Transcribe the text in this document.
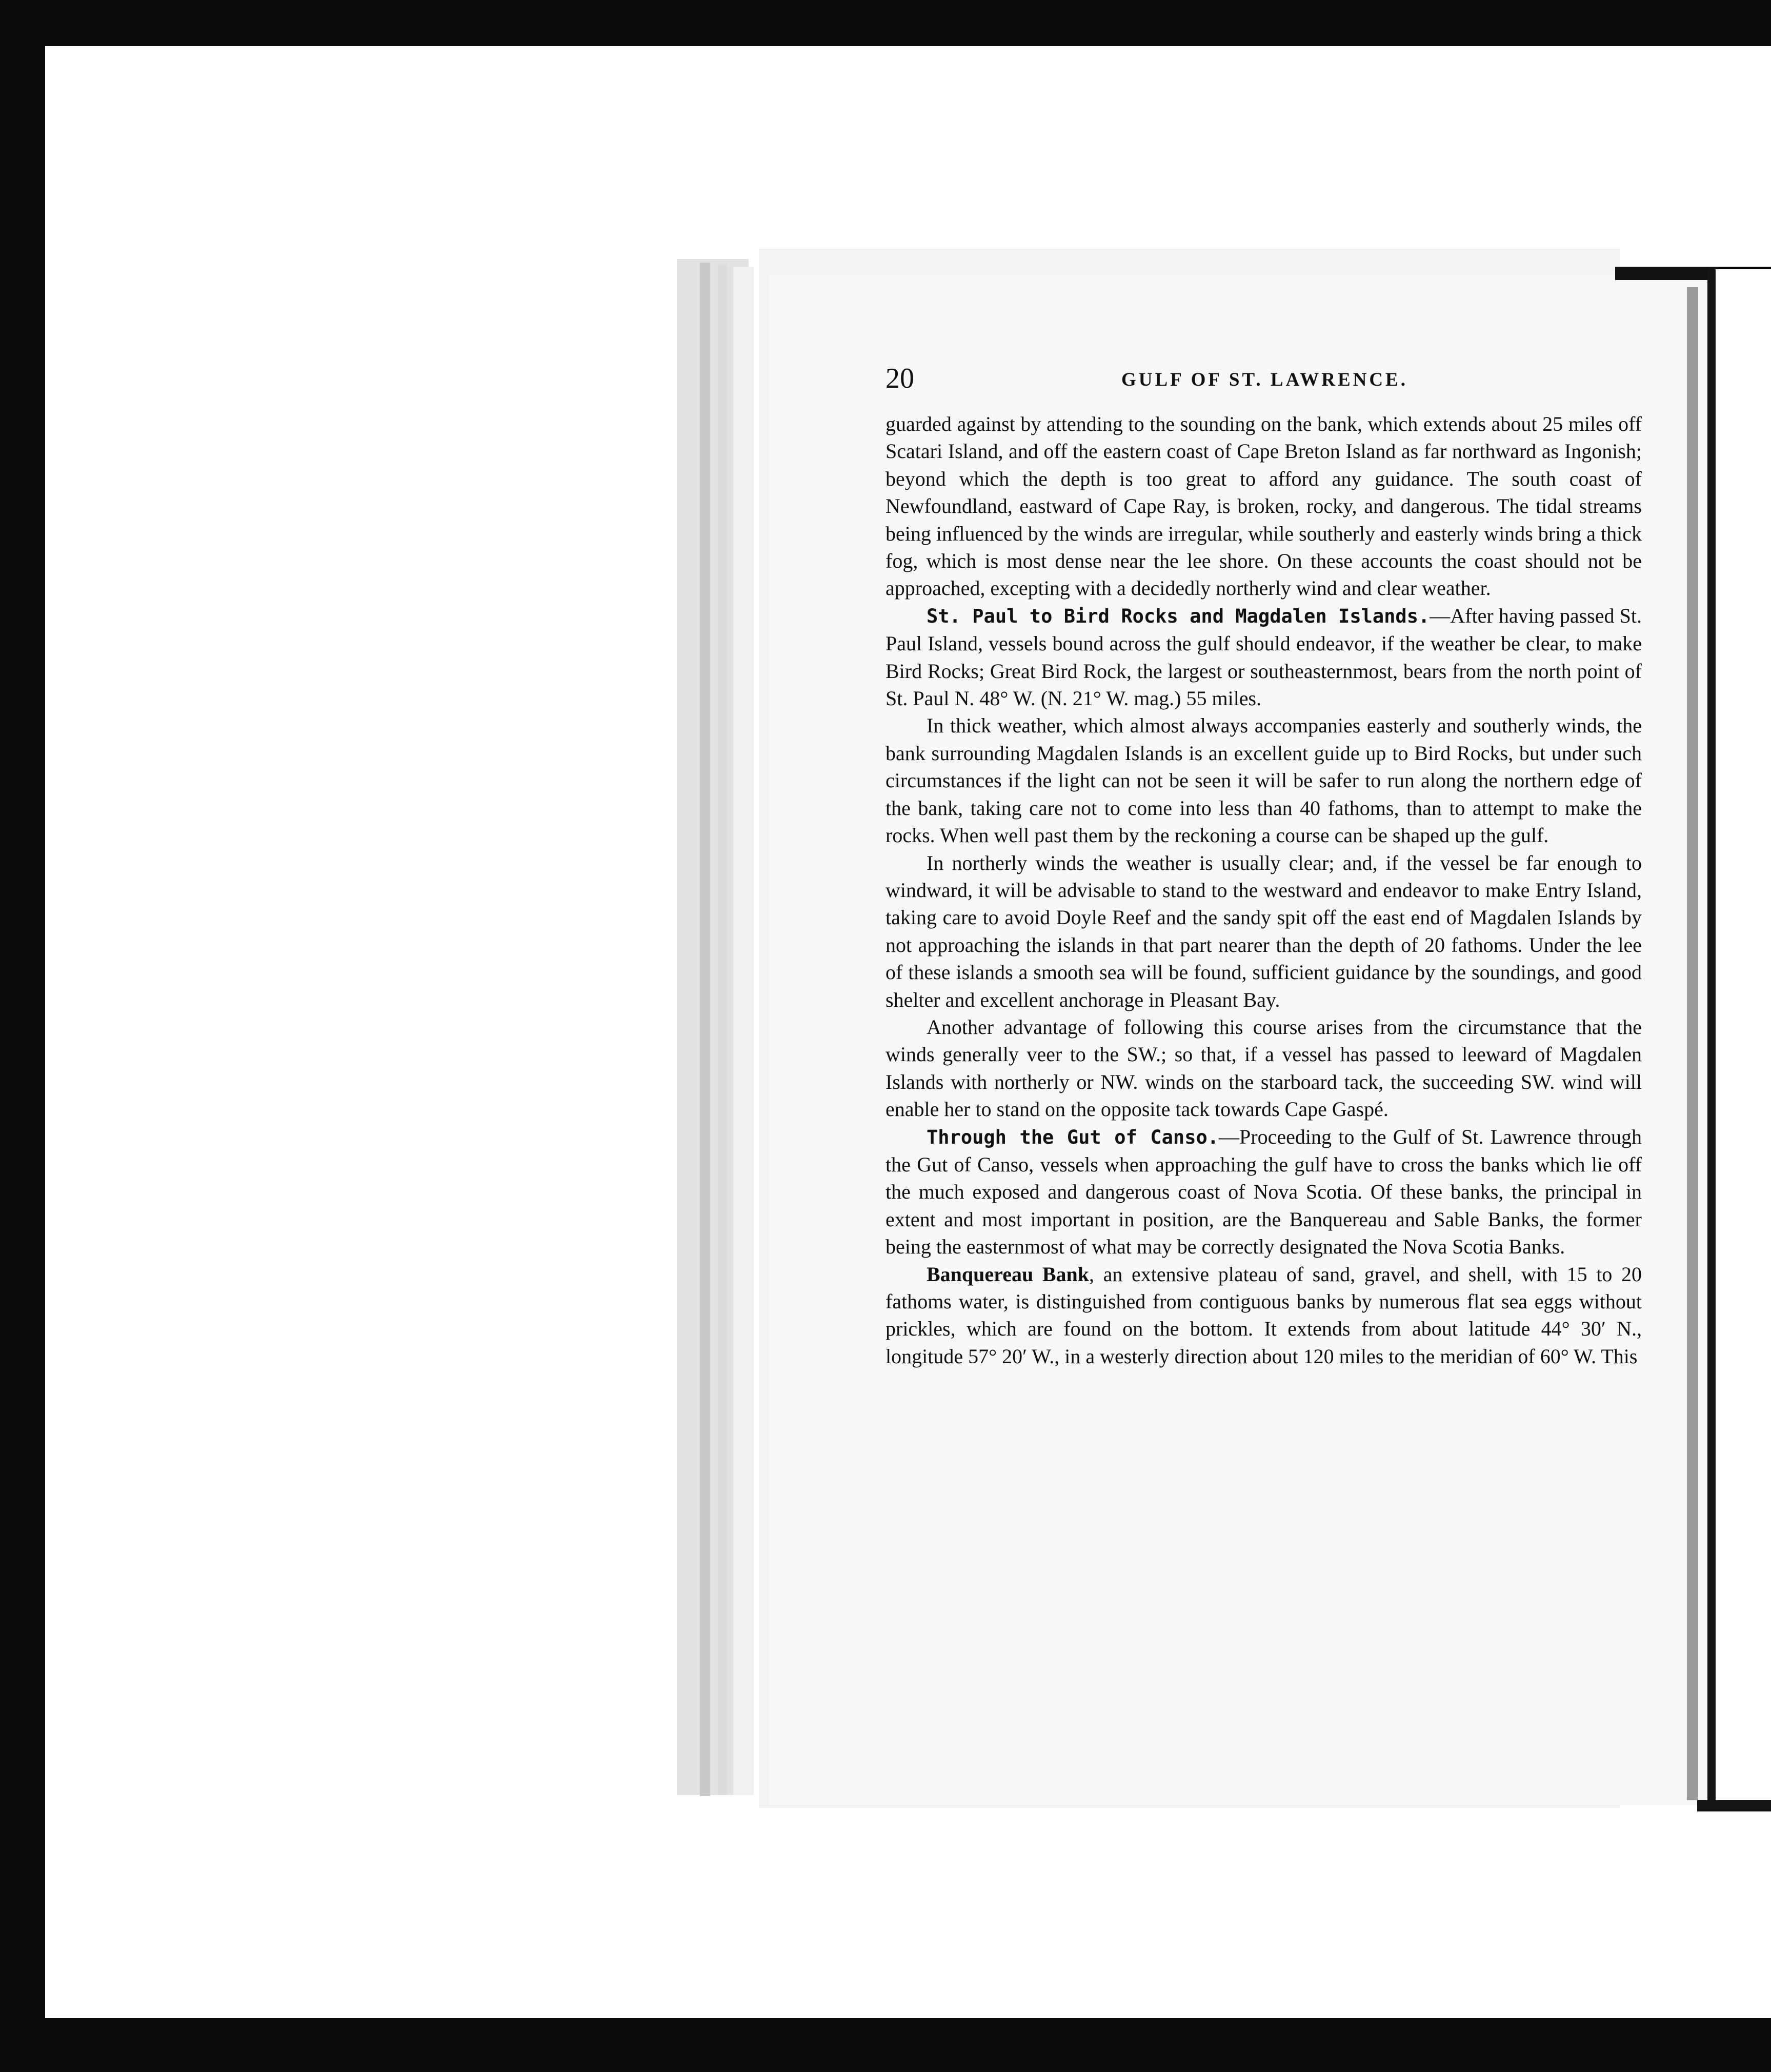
20	GULF OF ST. LAWRENCE.

guarded against by attending to the sounding on the bank, which extends about 25 miles off Scatari Island, and off the eastern coast of Cape Breton Island as far northward as Ingonish; beyond which the depth is too great to afford any guidance. The south coast of Newfoundland, eastward of Cape Ray, is broken, rocky, and dangerous. The tidal streams being influenced by the winds are irregular, while southerly and easterly winds bring a thick fog, which is most dense near the lee shore. On these accounts the coast should not be approached, excepting with a decidedly northerly wind and clear weather.

St. Paul to Bird Rocks and Magdalen Islands.—After having passed St. Paul Island, vessels bound across the gulf should endeavor, if the weather be clear, to make Bird Rocks; Great Bird Rock, the largest or southeasternmost, bears from the north point of St. Paul N. 48° W. (N. 21° W. mag.) 55 miles.

In thick weather, which almost always accompanies easterly and southerly winds, the bank surrounding Magdalen Islands is an excellent guide up to Bird Rocks, but under such circumstances if the light can not be seen it will be safer to run along the northern edge of the bank, taking care not to come into less than 40 fathoms, than to attempt to make the rocks. When well past them by the reckoning a course can be shaped up the gulf.

In northerly winds the weather is usually clear; and, if the vessel be far enough to windward, it will be advisable to stand to the westward and endeavor to make Entry Island, taking care to avoid Doyle Reef and the sandy spit off the east end of Magdalen Islands by not approaching the islands in that part nearer than the depth of 20 fathoms. Under the lee of these islands a smooth sea will be found, sufficient guidance by the soundings, and good shelter and excellent anchorage in Pleasant Bay.

Another advantage of following this course arises from the circumstance that the winds generally veer to the SW.; so that, if a vessel has passed to leeward of Magdalen Islands with northerly or NW. winds on the starboard tack, the succeeding SW. wind will enable her to stand on the opposite tack towards Cape Gaspé.

Through the Gut of Canso.—Proceeding to the Gulf of St. Lawrence through the Gut of Canso, vessels when approaching the gulf have to cross the banks which lie off the much exposed and dangerous coast of Nova Scotia. Of these banks, the principal in extent and most important in position, are the Banquereau and Sable Banks, the former being the easternmost of what may be correctly designated the Nova Scotia Banks.

Banquereau Bank, an extensive plateau of sand, gravel, and shell, with 15 to 20 fathoms water, is distinguished from contiguous banks by numerous flat sea eggs without prickles, which are found on the bottom. It extends from about latitude 44° 30′ N., longitude 57° 20′ W., in a westerly direction about 120 miles to the meridian of 60° W. This
